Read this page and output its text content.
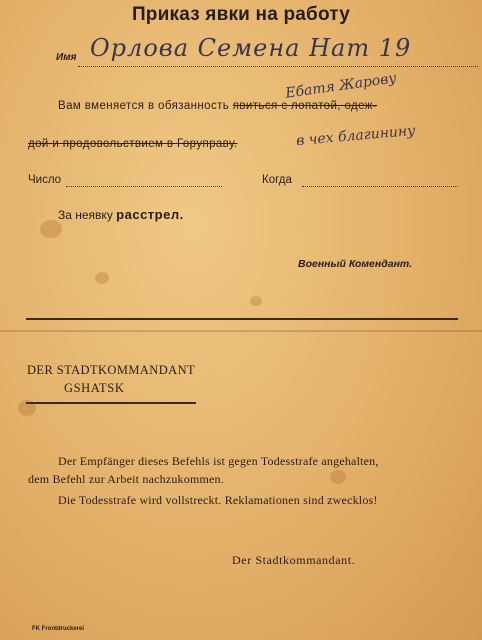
Приказ явки на работу
Имя Орлова Семена Нат 19
Ебатя Жарову
Вам вменяется в обязанность явиться с лопатой, одеж-
дой и продовольствием в Горуправу.	в чех благинину
Число	Когда
За неявку расстрел.
Военный Комендант.
DER STADTKOMMANDANT
GSHATSK
Der Empfänger dieses Befehls ist gegen Todesstrafe angehalten,
dem Befehl zur Arbeit nachzukommen.
Die Todesstrafe wird vollstreckt. Reklamationen sind zwecklos!
Der Stadtkommandant.
FK Frontdruckerei
